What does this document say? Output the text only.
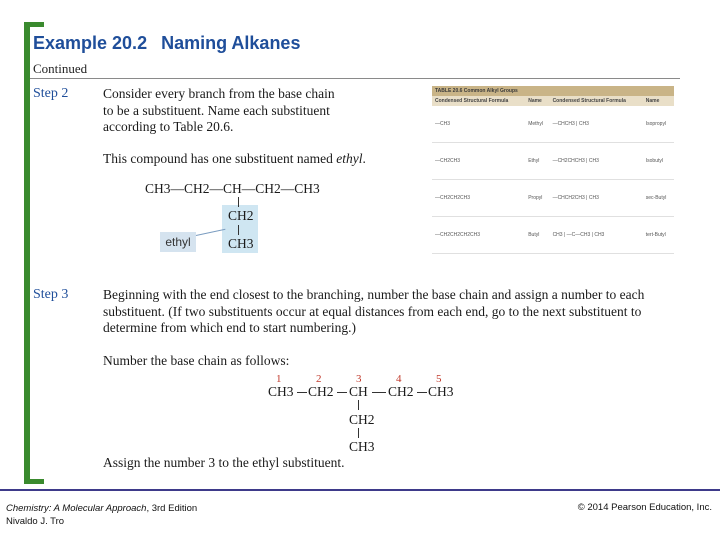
Example 20.2 Naming Alkanes
Continued
Step 2	Consider every branch from the base chain
to be a substituent. Name each substituent
according to Table 20.6.
This compound has one substituent named ethyl.
CH3—CH2—CH—CH2—CH3
CH2
CH3
ethyl
TABLE 20.6 Common Alkyl Groups
Condensed Structural Formula	Name	Condensed Structural Formula	Name
—CH3	Methyl	—CHCH3 | CH3	Isopropyl
—CH2CH3	Ethyl	—CH2CHCH3 | CH3	Isobutyl
—CH2CH2CH3	Propyl	—CHCH2CH3 | CH3	sec-Butyl
—CH2CH2CH2CH3	Butyl	CH3 | —C—CH3 | CH3	tert-Butyl
Step 3	Beginning with the end closest to the branching, number the base chain and assign a number to each
substituent. (If two substituents occur at equal distances from each end, go to the next substituent to
determine from which end to start numbering.)
Number the base chain as follows:
1	2	3	4	5
CH3 CH2 CH CH2 CH3
CH2
CH3
Assign the number 3 to the ethyl substituent.
Chemistry: A Molecular Approach, 3rd Edition
Nivaldo J. Tro
© 2014 Pearson Education, Inc.
